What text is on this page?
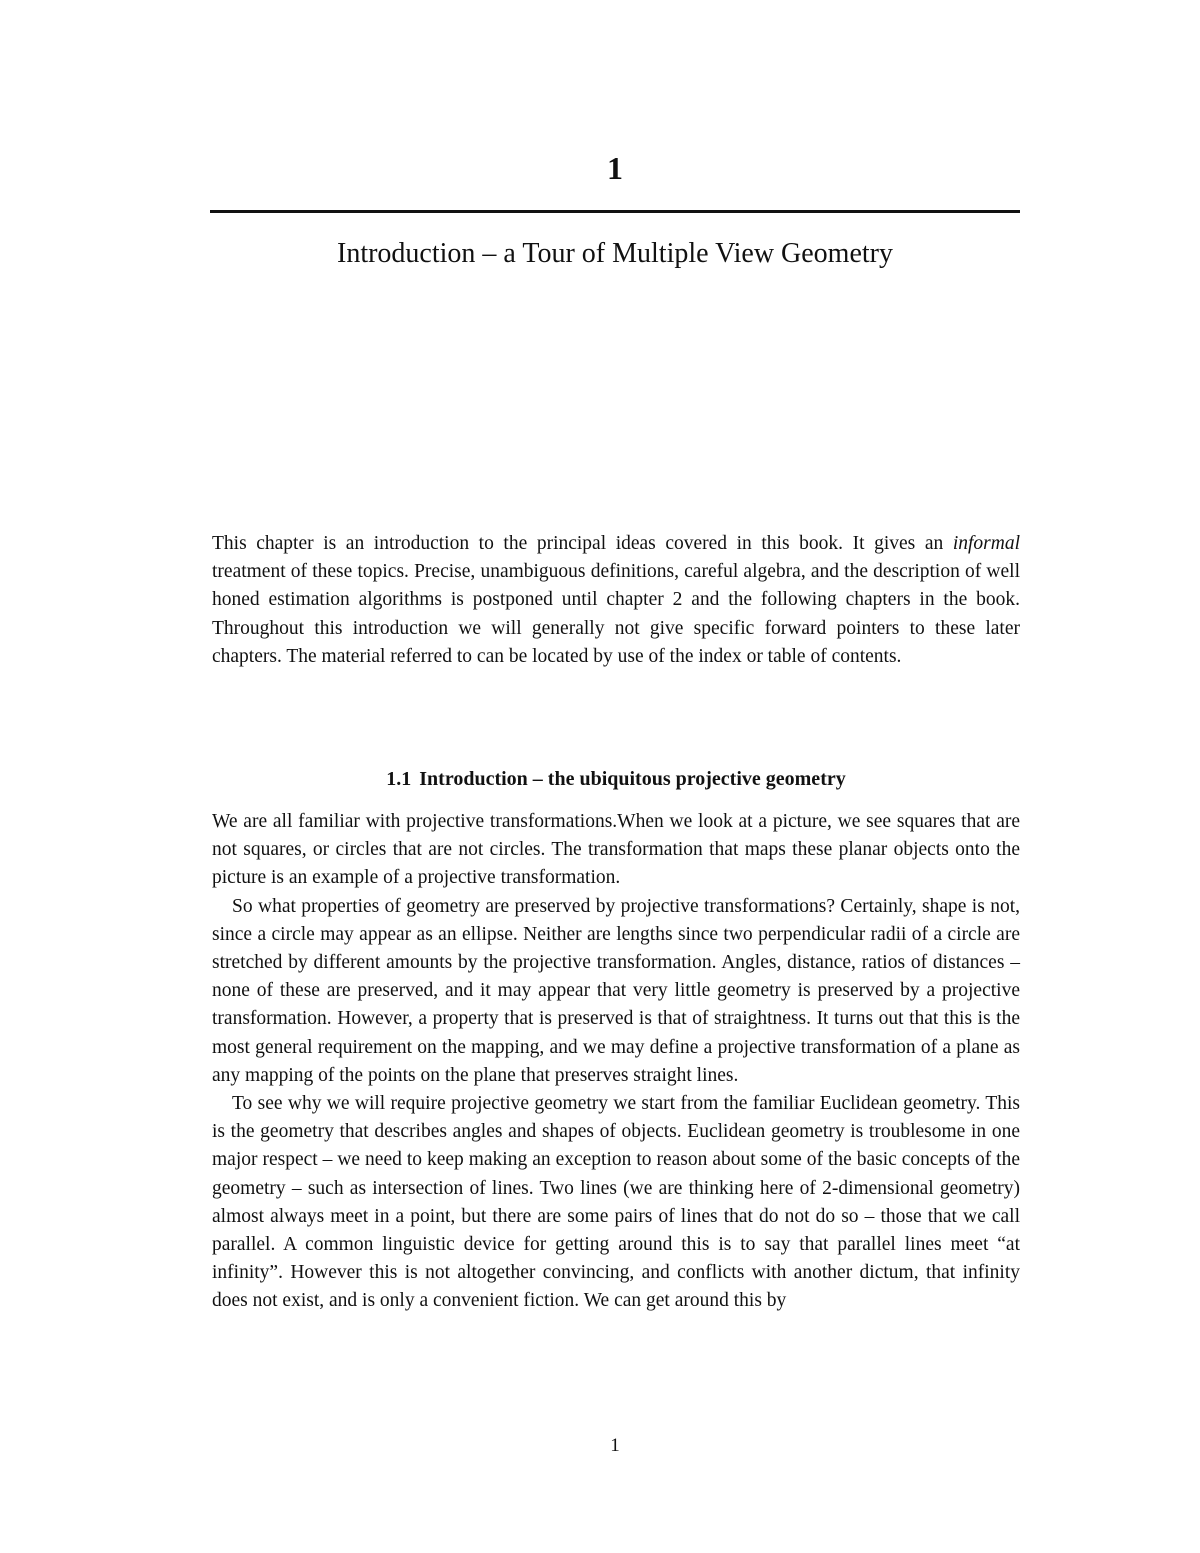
1
Introduction – a Tour of Multiple View Geometry

This chapter is an introduction to the principal ideas covered in this book. It gives an informal treatment of these topics. Precise, unambiguous definitions, careful algebra, and the description of well honed estimation algorithms is postponed until chapter 2 and the following chapters in the book. Throughout this introduction we will generally not give specific forward pointers to these later chapters. The material referred to can be located by use of the index or table of contents.

1.1 Introduction – the ubiquitous projective geometry

We are all familiar with projective transformations.When we look at a picture, we see squares that are not squares, or circles that are not circles. The transformation that maps these planar objects onto the picture is an example of a projective transformation.

So what properties of geometry are preserved by projective transformations? Certainly, shape is not, since a circle may appear as an ellipse. Neither are lengths since two perpendicular radii of a circle are stretched by different amounts by the projective transformation. Angles, distance, ratios of distances – none of these are preserved, and it may appear that very little geometry is preserved by a projective transformation. However, a property that is preserved is that of straightness. It turns out that this is the most general requirement on the mapping, and we may define a projective transformation of a plane as any mapping of the points on the plane that preserves straight lines.

To see why we will require projective geometry we start from the familiar Euclidean geometry. This is the geometry that describes angles and shapes of objects. Euclidean geometry is troublesome in one major respect – we need to keep making an exception to reason about some of the basic concepts of the geometry – such as intersection of lines. Two lines (we are thinking here of 2-dimensional geometry) almost always meet in a point, but there are some pairs of lines that do not do so – those that we call parallel. A common linguistic device for getting around this is to say that parallel lines meet “at infinity”. However this is not altogether convincing, and conflicts with another dictum, that infinity does not exist, and is only a convenient fiction. We can get around this by

1
